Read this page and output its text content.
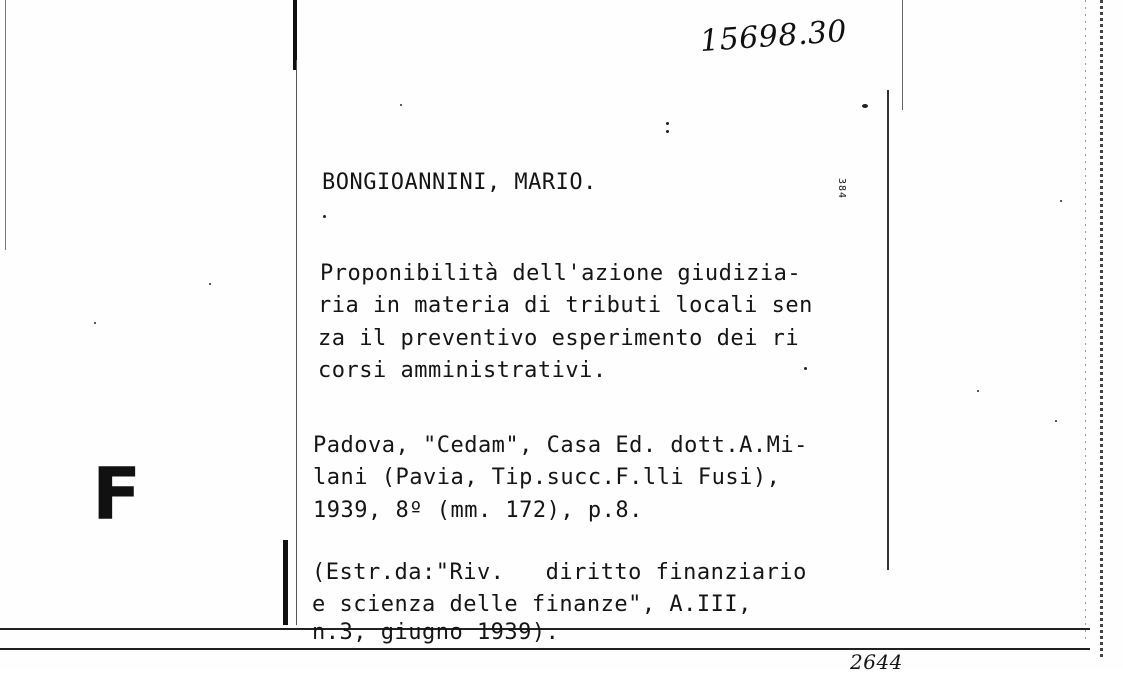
15698.30
BONGIOANNINI, MARIO.	384
Proponibilità dell'azione giudizia-
ria in materia di tributi locali sen
za il preventivo esperimento dei ri
corsi amministrativi.
Padova, "Cedam", Casa Ed. dott.A.Mi-
lani (Pavia, Tip.succ.F.lli Fusi),
1939, 8º (mm. 172), p.8.
(Estr.da:"Riv.   diritto finanziario
e scienza delle finanze", A.III,
n.3, giugno 1939).
F
2644
